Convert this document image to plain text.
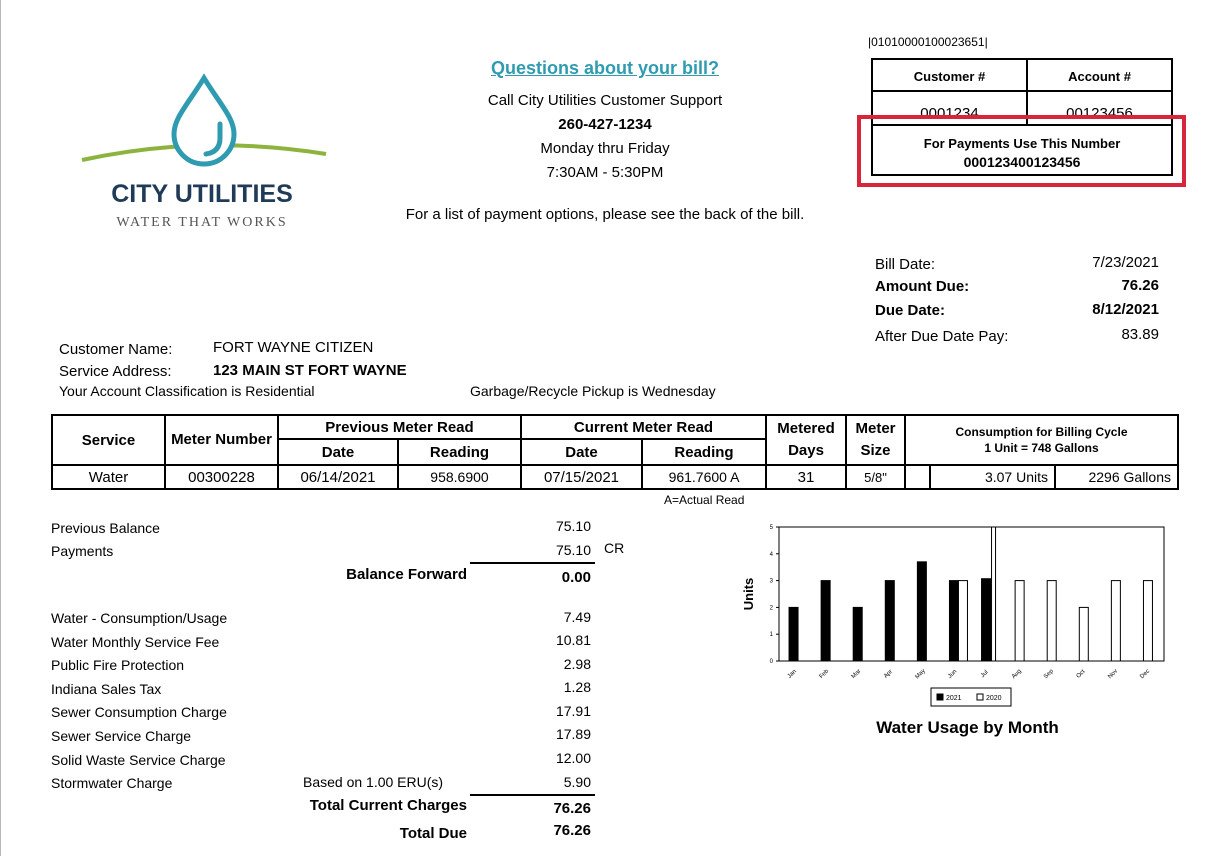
CITY UTILITIES
WATER THAT WORKS
Questions about your bill?
Call City Utilities Customer Support
260-427-1234
Monday thru Friday
7:30AM - 5:30PM
For a list of payment options, please see the back of the bill.
|01010000100023651|
Customer #	Account #
0001234	00123456
For Payments Use This Number
000123400123456
Bill Date:	7/23/2021
Amount Due:	76.26
Due Date:	8/12/2021
After Due Date Pay:	83.89
Customer Name:	FORT WAYNE CITIZEN
Service Address:	123 MAIN ST FORT WAYNE
Your Account Classification is Residential	Garbage/Recycle Pickup is Wednesday
Service	Meter Number	Previous Meter Read		Current Meter Read		Metered Days	Meter Size	Consumption for Billing Cycle
1 Unit = 748 Gallons		

		Date	Reading	Date	Reading					
Water	00300228	06/14/2021	958.6900	07/15/2021	961.7600 A	31	5/8"		3.07 Units	2296 Gallons
A=Actual Read
Previous Balance	75.10
Payments	75.10 CR
Balance Forward	0.00
Water - Consumption/Usage	7.49
Water Monthly Service Fee	10.81
Public Fire Protection	2.98
Indiana Sales Tax	1.28
Sewer Consumption Charge	17.91
Sewer Service Charge	17.89
Solid Waste Service Charge	12.00
Stormwater Charge	Based on 1.00 ERU(s)	5.90
Total Current Charges	76.26
Total Due	76.26
0
1
2
3
4
5
Units
Jan	Feb	Mar	Apr	May	Jun	Jul	Aug	Sep	Oct	Nov	Dec
2021	2020
Water Usage by Month
